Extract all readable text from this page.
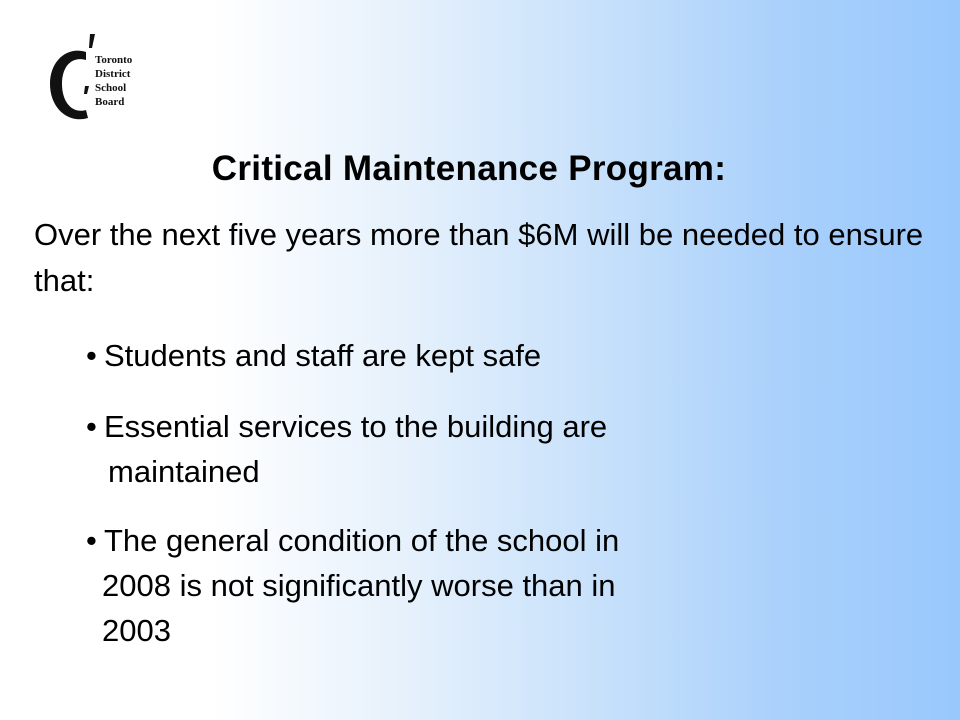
Toronto
District
School
Board
Critical Maintenance Program:
Over the next five years more than $6M will be needed to ensure that:
• Students and staff are kept safe
• Essential services to the building are
maintained
• The general condition of the school in
2008 is not significantly worse than in
2003
